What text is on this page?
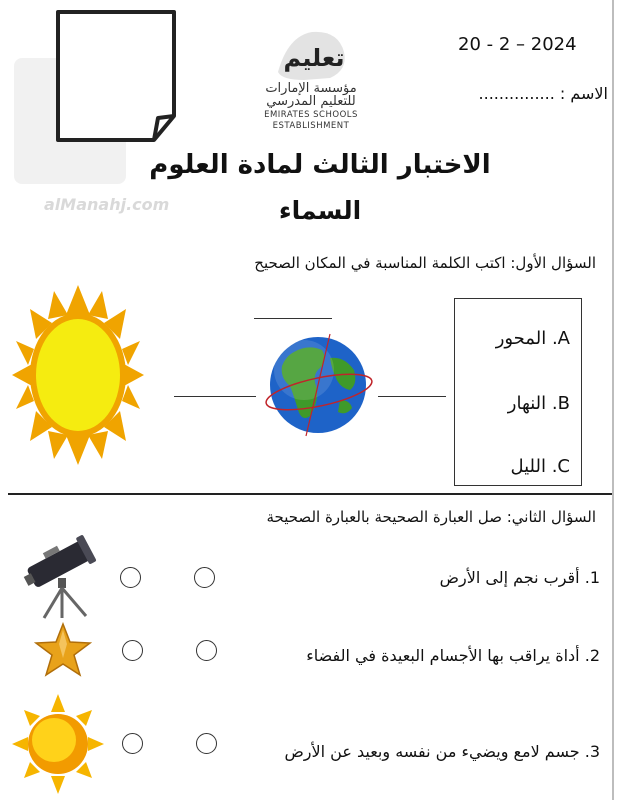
alManahj.com
تعليم
مؤسسة الإمارات
للتعليم المدرسي
EMIRATES SCHOOLS
ESTABLISHMENT
20 - 2 – 2024
الاسم : ...............
الاختبار الثالث لمادة العلوم
السماء
السؤال الأول: اكتب الكلمة المناسبة في المكان الصحيح
A. المحور
B. النهار
C. الليل
السؤال الثاني: صل العبارة الصحيحة بالعبارة الصحيحة
1. أقرب نجم إلى الأرض
2. أداة يراقب بها الأجسام البعيدة في الفضاء
3. جسم لامع ويضيء من نفسه وبعيد عن الأرض
